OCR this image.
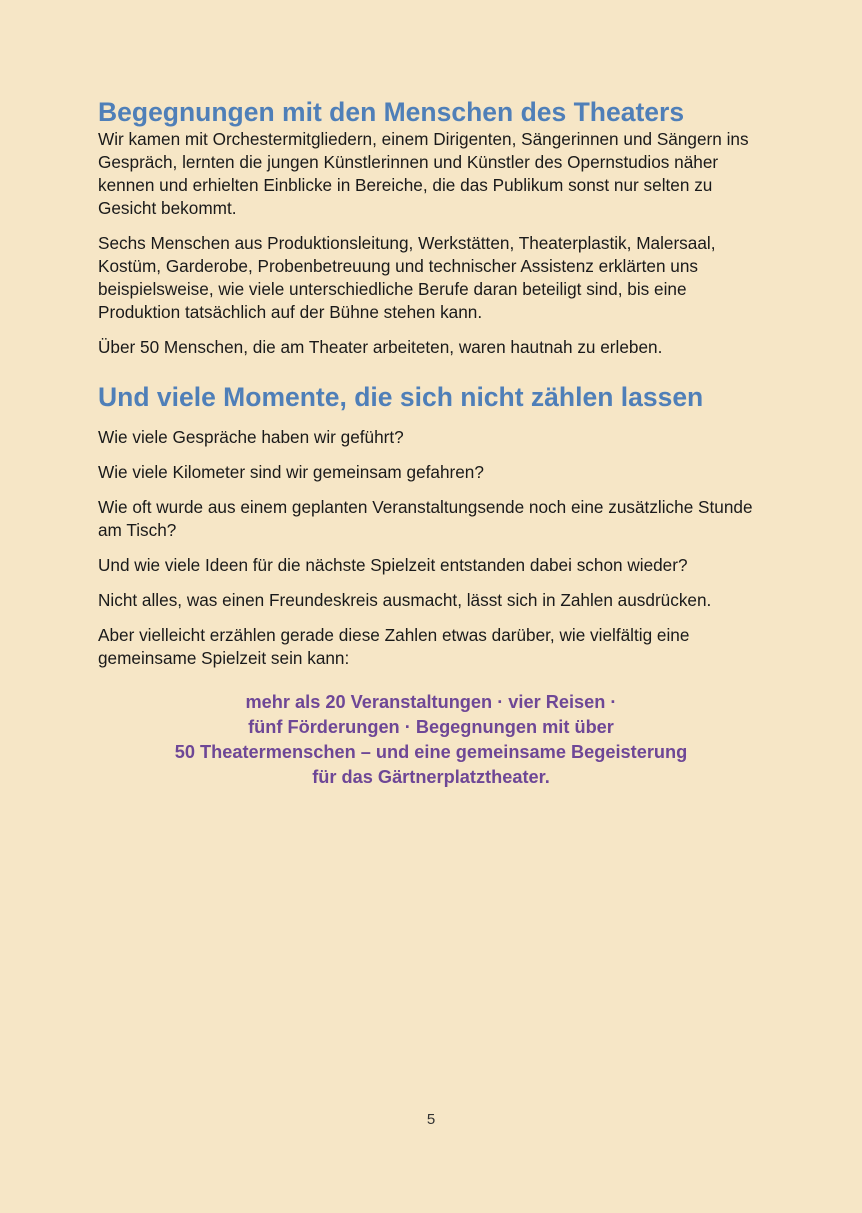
Begegnungen mit den Menschen des Theaters

Wir kamen mit Orchestermitgliedern, einem Dirigenten, Sängerinnen und Sängern ins Gespräch, lernten die jungen Künstlerinnen und Künstler des Opernstudios näher kennen und erhielten Einblicke in Bereiche, die das Publikum sonst nur selten zu Gesicht bekommt.

Sechs Menschen aus Produktionsleitung, Werkstätten, Theaterplastik, Malersaal, Kostüm, Garderobe, Probenbetreuung und technischer Assistenz erklärten uns beispielsweise, wie viele unterschiedliche Berufe daran beteiligt sind, bis eine Produktion tatsächlich auf der Bühne stehen kann.

Über 50 Menschen, die am Theater arbeiteten, waren hautnah zu erleben.

Und viele Momente, die sich nicht zählen lassen

Wie viele Gespräche haben wir geführt?

Wie viele Kilometer sind wir gemeinsam gefahren?

Wie oft wurde aus einem geplanten Veranstaltungsende noch eine zusätzliche Stunde am Tisch?

Und wie viele Ideen für die nächste Spielzeit entstanden dabei schon wieder?

Nicht alles, was einen Freundeskreis ausmacht, lässt sich in Zahlen ausdrücken.

Aber vielleicht erzählen gerade diese Zahlen etwas darüber, wie vielfältig eine gemeinsame Spielzeit sein kann:

mehr als 20 Veranstaltungen · vier Reisen ·
fünf Förderungen · Begegnungen mit über
50 Theatermenschen – und eine gemeinsame Begeisterung
für das Gärtnerplatztheater.
5
